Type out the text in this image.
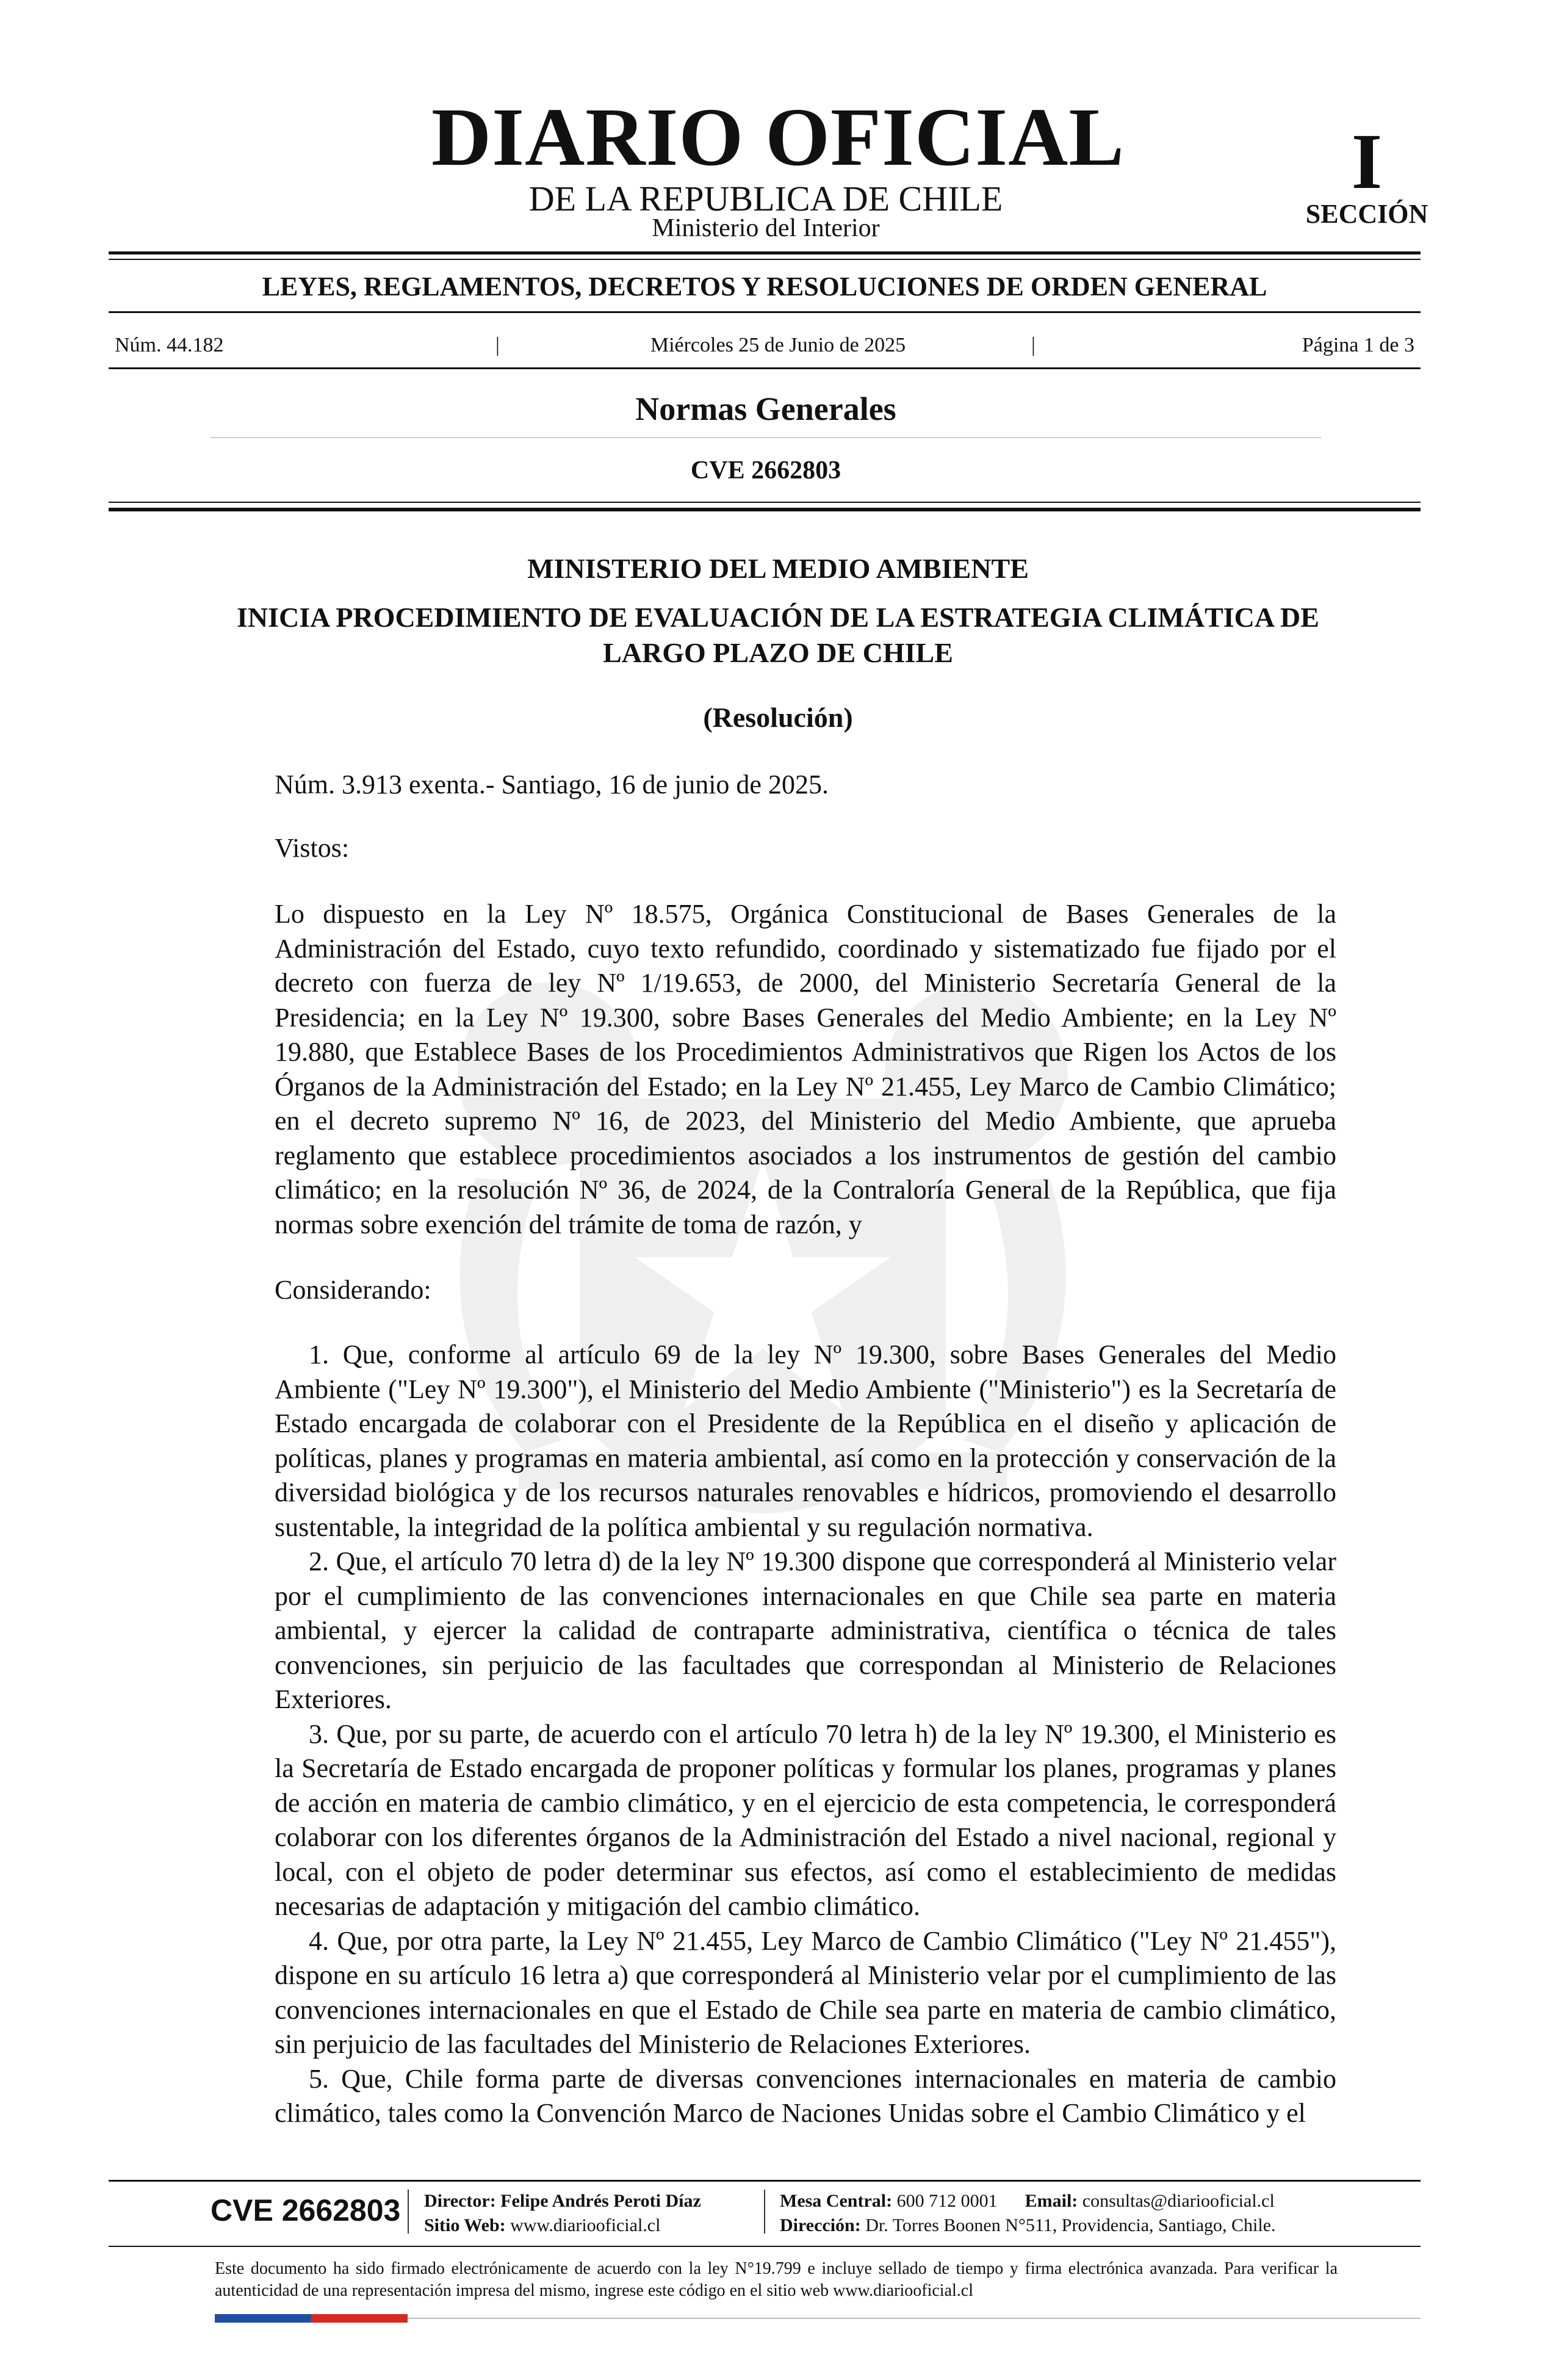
DIARIO OFICIAL
DE LA REPUBLICA DE CHILE
Ministerio del Interior
I
SECCIÓN
LEYES, REGLAMENTOS, DECRETOS Y RESOLUCIONES DE ORDEN GENERAL
Núm. 44.182	|	Miércoles 25 de Junio de 2025	|	Página 1 de 3
Normas Generales
CVE 2662803
MINISTERIO DEL MEDIO AMBIENTE
INICIA PROCEDIMIENTO DE EVALUACIÓN DE LA ESTRATEGIA CLIMÁTICA DE
LARGO PLAZO DE CHILE
(Resolución)
Núm. 3.913 exenta.- Santiago, 16 de junio de 2025.
Vistos:

Lo dispuesto en la Ley Nº 18.575, Orgánica Constitucional de Bases Generales de la Administración del Estado, cuyo texto refundido, coordinado y sistematizado fue fijado por el decreto con fuerza de ley Nº 1/19.653, de 2000, del Ministerio Secretaría General de la Presidencia; en la Ley Nº 19.300, sobre Bases Generales del Medio Ambiente; en la Ley Nº 19.880, que Establece Bases de los Procedimientos Administrativos que Rigen los Actos de los Órganos de la Administración del Estado; en la Ley Nº 21.455, Ley Marco de Cambio Climático; en el decreto supremo Nº 16, de 2023, del Ministerio del Medio Ambiente, que aprueba reglamento que establece procedimientos asociados a los instrumentos de gestión del cambio climático; en la resolución Nº 36, de 2024, de la Contraloría General de la República, que fija normas sobre exención del trámite de toma de razón, y

Considerando:

1. Que, conforme al artículo 69 de la ley Nº 19.300, sobre Bases Generales del Medio Ambiente ("Ley Nº 19.300"), el Ministerio del Medio Ambiente ("Ministerio") es la Secretaría de Estado encargada de colaborar con el Presidente de la República en el diseño y aplicación de políticas, planes y programas en materia ambiental, así como en la protección y conservación de la diversidad biológica y de los recursos naturales renovables e hídricos, promoviendo el desarrollo sustentable, la integridad de la política ambiental y su regulación normativa.

2. Que, el artículo 70 letra d) de la ley Nº 19.300 dispone que corresponderá al Ministerio velar por el cumplimiento de las convenciones internacionales en que Chile sea parte en materia ambiental, y ejercer la calidad de contraparte administrativa, científica o técnica de tales convenciones, sin perjuicio de las facultades que correspondan al Ministerio de Relaciones Exteriores.

3. Que, por su parte, de acuerdo con el artículo 70 letra h) de la ley Nº 19.300, el Ministerio es la Secretaría de Estado encargada de proponer políticas y formular los planes, programas y planes de acción en materia de cambio climático, y en el ejercicio de esta competencia, le corresponderá colaborar con los diferentes órganos de la Administración del Estado a nivel nacional, regional y local, con el objeto de poder determinar sus efectos, así como el establecimiento de medidas necesarias de adaptación y mitigación del cambio climático.

4. Que, por otra parte, la Ley Nº 21.455, Ley Marco de Cambio Climático ("Ley Nº 21.455"), dispone en su artículo 16 letra a) que corresponderá al Ministerio velar por el cumplimiento de las convenciones internacionales en que el Estado de Chile sea parte en materia de cambio climático, sin perjuicio de las facultades del Ministerio de Relaciones Exteriores.

5. Que, Chile forma parte de diversas convenciones internacionales en materia de cambio climático, tales como la Convención Marco de Naciones Unidas sobre el Cambio Climático y el

CVE 2662803 Director: Felipe Andrés Peroti Díaz
Sitio Web: www.diariooficial.cl
Mesa Central: 600 712 0001 Email: consultas@diariooficial.cl
Dirección: Dr. Torres Boonen N°511, Providencia, Santiago, Chile.
Este documento ha sido firmado electrónicamente de acuerdo con la ley N°19.799 e incluye sellado de tiempo y firma electrónica avanzada. Para verificar la autenticidad de una representación impresa del mismo, ingrese este código en el sitio web www.diariooficial.cl
